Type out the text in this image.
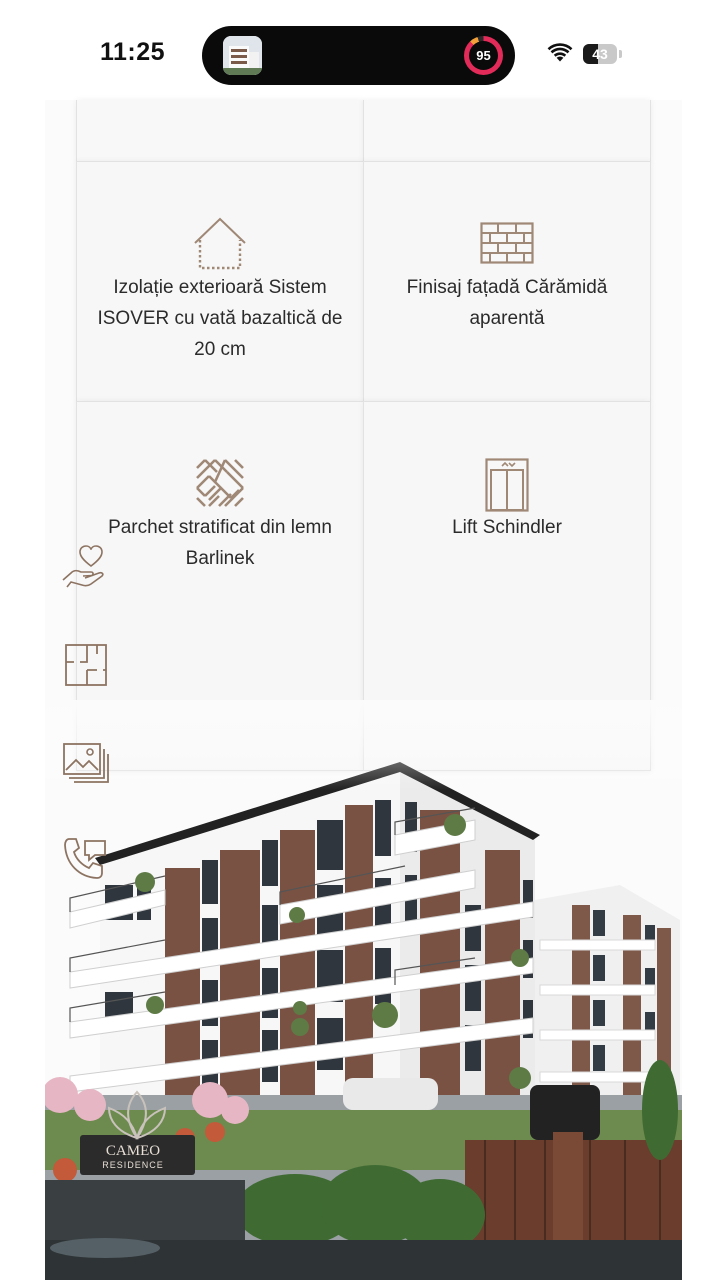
11:25	95	43
Izolație exterioară Sistem ISOVER cu vată bazaltică de 20 cm
Finisaj fațadă Cărămidă aparentă
Parchet stratificat din lemn Barlinek
Lift Schindler
CAMEO
RESIDENCE
